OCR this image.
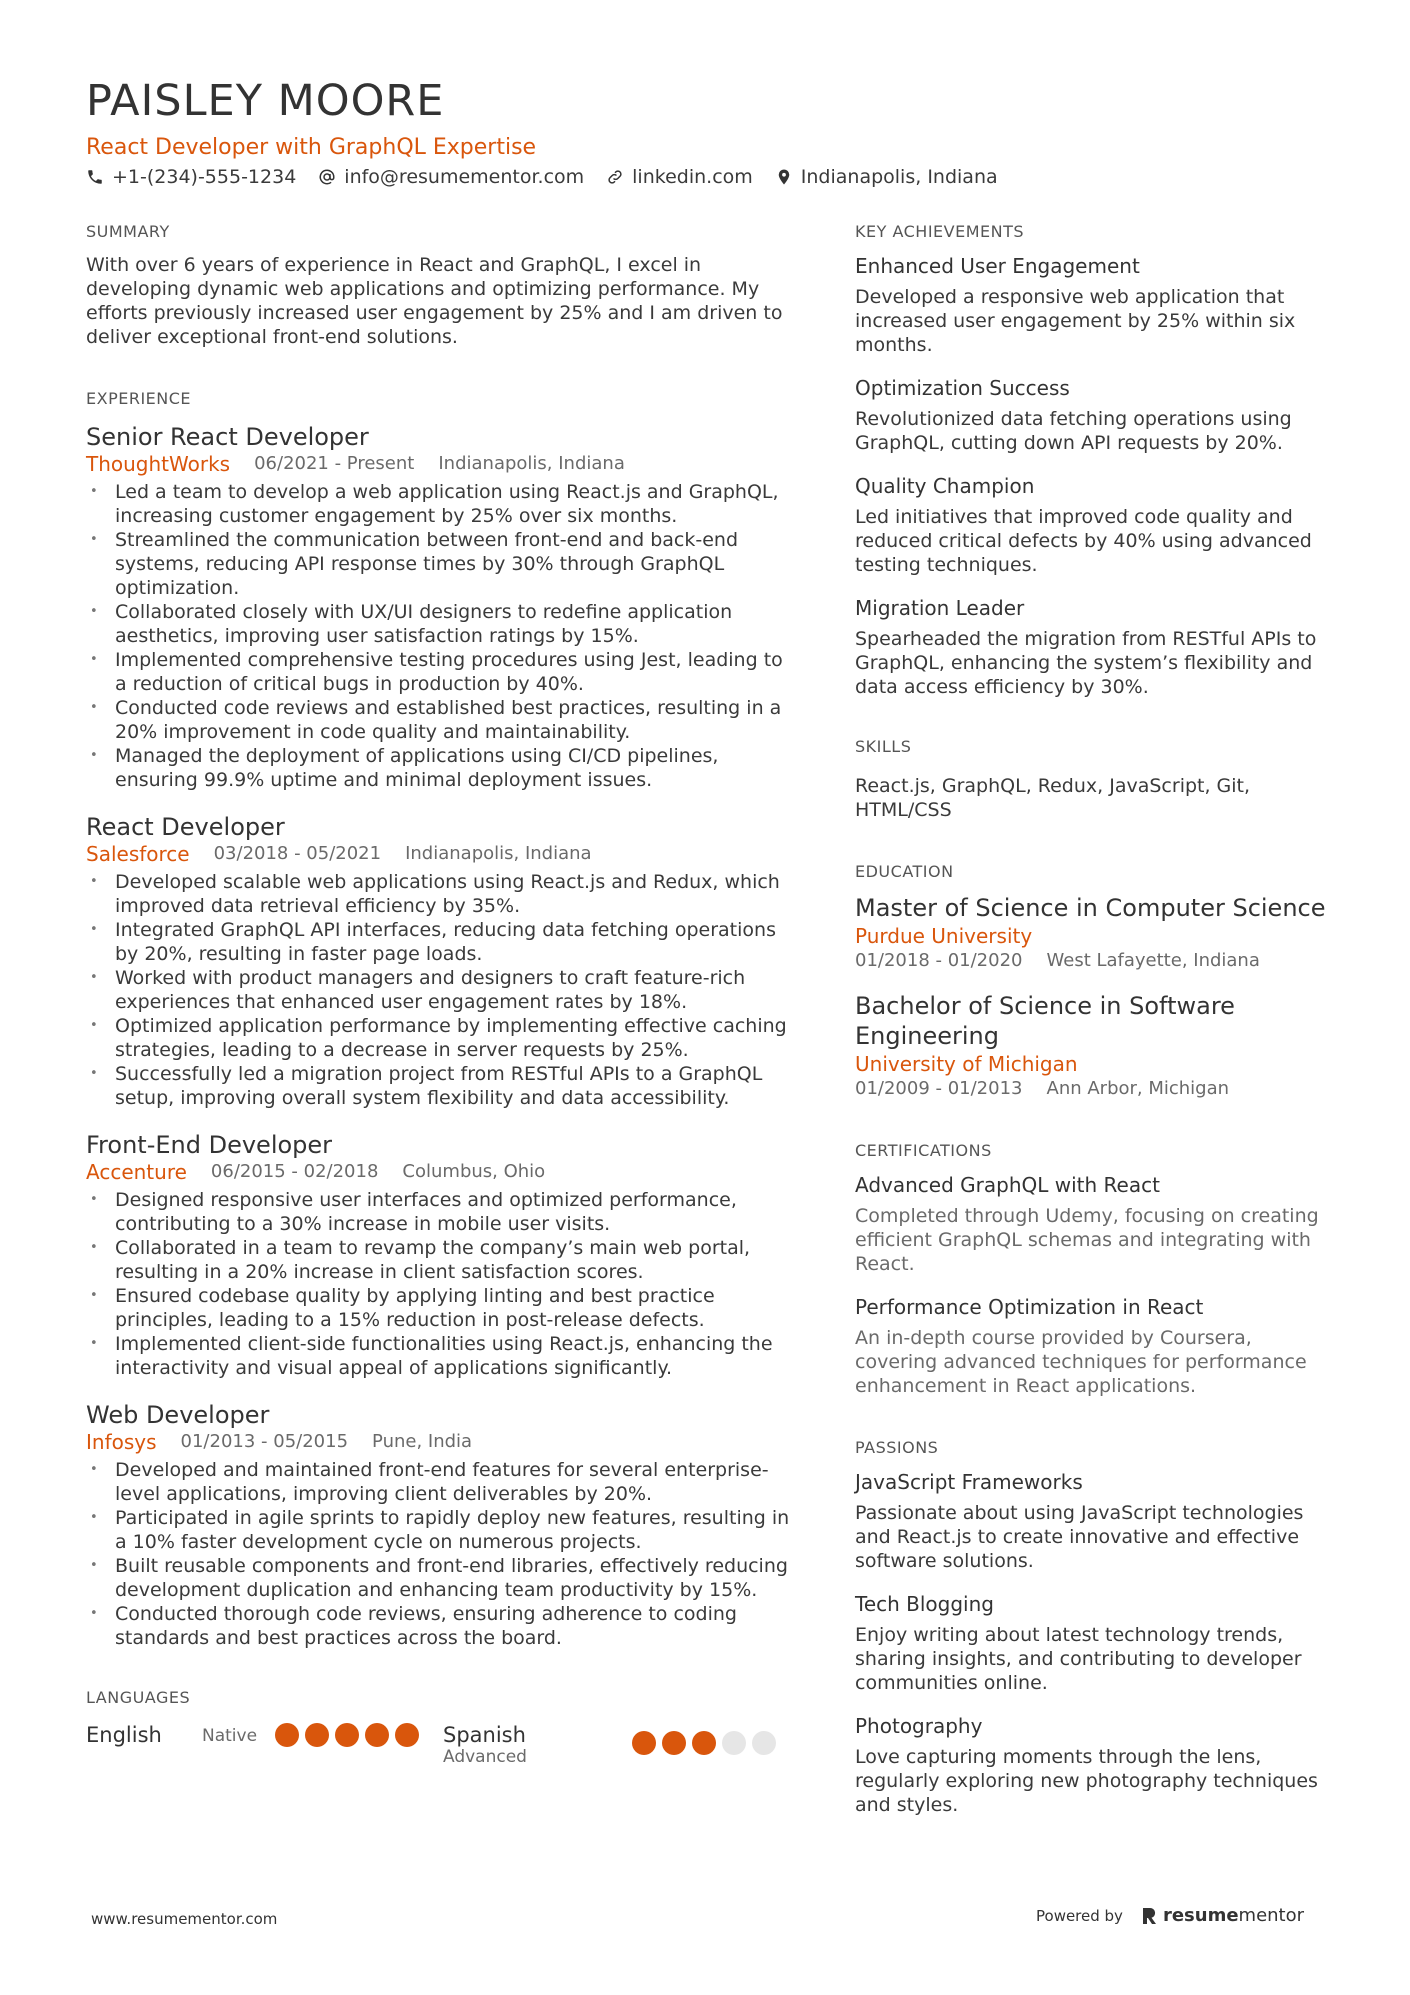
PAISLEY MOORE
React Developer with GraphQL Expertise
+1-(234)-555-1234	info@resumementor.com	linkedin.com	Indianapolis, Indiana
SUMMARY

With over 6 years of experience in React and GraphQL, I excel in developing dynamic web applications and optimizing performance. My efforts previously increased user engagement by 25% and I am driven to deliver exceptional front-end solutions.

EXPERIENCE
Senior React Developer
ThoughtWorks 06/2021 - Present Indianapolis, Indiana
• Led a team to develop a web application using React.js and GraphQL, increasing customer engagement by 25% over six months.
• Streamlined the communication between front-end and back-end systems, reducing API response times by 30% through GraphQL optimization.
• Collaborated closely with UX/UI designers to redefine application aesthetics, improving user satisfaction ratings by 15%.
• Implemented comprehensive testing procedures using Jest, leading to a reduction of critical bugs in production by 40%.
• Conducted code reviews and established best practices, resulting in a 20% improvement in code quality and maintainability.
• Managed the deployment of applications using CI/CD pipelines, ensuring 99.9% uptime and minimal deployment issues.
React Developer
Salesforce 03/2018 - 05/2021 Indianapolis, Indiana
• Developed scalable web applications using React.js and Redux, which improved data retrieval efficiency by 35%.
• Integrated GraphQL API interfaces, reducing data fetching operations by 20%, resulting in faster page loads.
• Worked with product managers and designers to craft feature-rich experiences that enhanced user engagement rates by 18%.
• Optimized application performance by implementing effective caching strategies, leading to a decrease in server requests by 25%.
• Successfully led a migration project from RESTful APIs to a GraphQL setup, improving overall system flexibility and data accessibility.
Front-End Developer
Accenture 06/2015 - 02/2018 Columbus, Ohio
• Designed responsive user interfaces and optimized performance, contributing to a 30% increase in mobile user visits.
• Collaborated in a team to revamp the company’s main web portal, resulting in a 20% increase in client satisfaction scores.
• Ensured codebase quality by applying linting and best practice principles, leading to a 15% reduction in post-release defects.
• Implemented client-side functionalities using React.js, enhancing the interactivity and visual appeal of applications significantly.
Web Developer
Infosys 01/2013 - 05/2015 Pune, India
• Developed and maintained front-end features for several enterprise-level applications, improving client deliverables by 20%.
• Participated in agile sprints to rapidly deploy new features, resulting in a 10% faster development cycle on numerous projects.
• Built reusable components and front-end libraries, effectively reducing development duplication and enhancing team productivity by 15%.
• Conducted thorough code reviews, ensuring adherence to coding standards and best practices across the board.
LANGUAGES
English	Native	Spanish
Advanced
KEY ACHIEVEMENTS
Enhanced User Engagement
Developed a responsive web application that increased user engagement by 25% within six months.
Optimization Success
Revolutionized data fetching operations using GraphQL, cutting down API requests by 20%.
Quality Champion
Led initiatives that improved code quality and reduced critical defects by 40% using advanced testing techniques.
Migration Leader
Spearheaded the migration from RESTful APIs to GraphQL, enhancing the system’s flexibility and data access efficiency by 30%.
SKILLS

React.js, GraphQL, Redux, JavaScript, Git, HTML/CSS

EDUCATION
Master of Science in Computer Science
Purdue University
01/2018 - 01/2020 West Lafayette, Indiana
Bachelor of Science in Software Engineering
University of Michigan
01/2009 - 01/2013 Ann Arbor, Michigan
CERTIFICATIONS
Advanced GraphQL with React
Completed through Udemy, focusing on creating efficient GraphQL schemas and integrating with React.
Performance Optimization in React
An in-depth course provided by Coursera, covering advanced techniques for performance enhancement in React applications.
PASSIONS
JavaScript Frameworks
Passionate about using JavaScript technologies and React.js to create innovative and effective software solutions.
Tech Blogging
Enjoy writing about latest technology trends, sharing insights, and contributing to developer communities online.
Photography
Love capturing moments through the lens, regularly exploring new photography techniques and styles.
www.resumementor.com	Powered by resumementor
